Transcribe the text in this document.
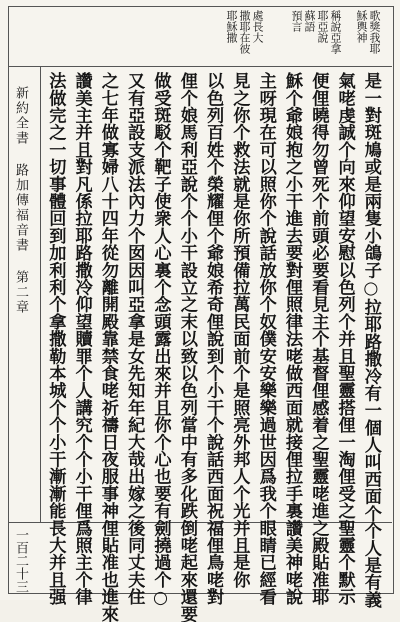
歌獎我耶
穌輿神
稱說亞拿
耶亞說
蘇語
預言
處長大
撒耶在彼
耶穌撒
是一對斑鳩或是兩隻小鴿子○拉耶路撒冷有一個人叫西面个个人是有義
氣咾虔誠个向來仰望安慰以色列个并且聖靈搭俚一淘俚受之聖靈个默示
便俚曉得勿曾死个前頭必要看見主个基督俚感着之聖靈咾進之殿貼准耶
穌个爺娘抱之小干進去要對俚照律法咾做西面就接俚拉手裏讚美神咾說
主呀現在可以照你个說話放你个奴僕安安樂樂過世因爲我个眼睛已經看
見之你个救法就是你所預備拉萬民面前个是照亮外邦人个光并且是你
以色列百姓个榮耀俚个爺娘希奇俚說到个小干个說話西面祝福俚鳥咾對
俚个娘馬利亞說个个小干設立之末以致以色列當中有多化跌倒咾起來還要
做受斑駁个靶子使衆人心裏个念頭露出來并且你个心也要有劍撓過个○
又有亞設支派法內力个囡因叫亞拿是女先知年紀大哉出嫁之後同丈夫住
之七年做寡婦八十四年從勿離開殿靠禁食咾祈禱日夜服事神俚貼准也進來
讚美主并且對凡係拉耶路撒冷仰望贖罪个人講究个个小干俚爲照主个律
法做完之一切事體回到加利利个拿撒勒本城个个小干漸漸能長大并且强
新約全書 路加傳福音書 第二章
一百二十三
